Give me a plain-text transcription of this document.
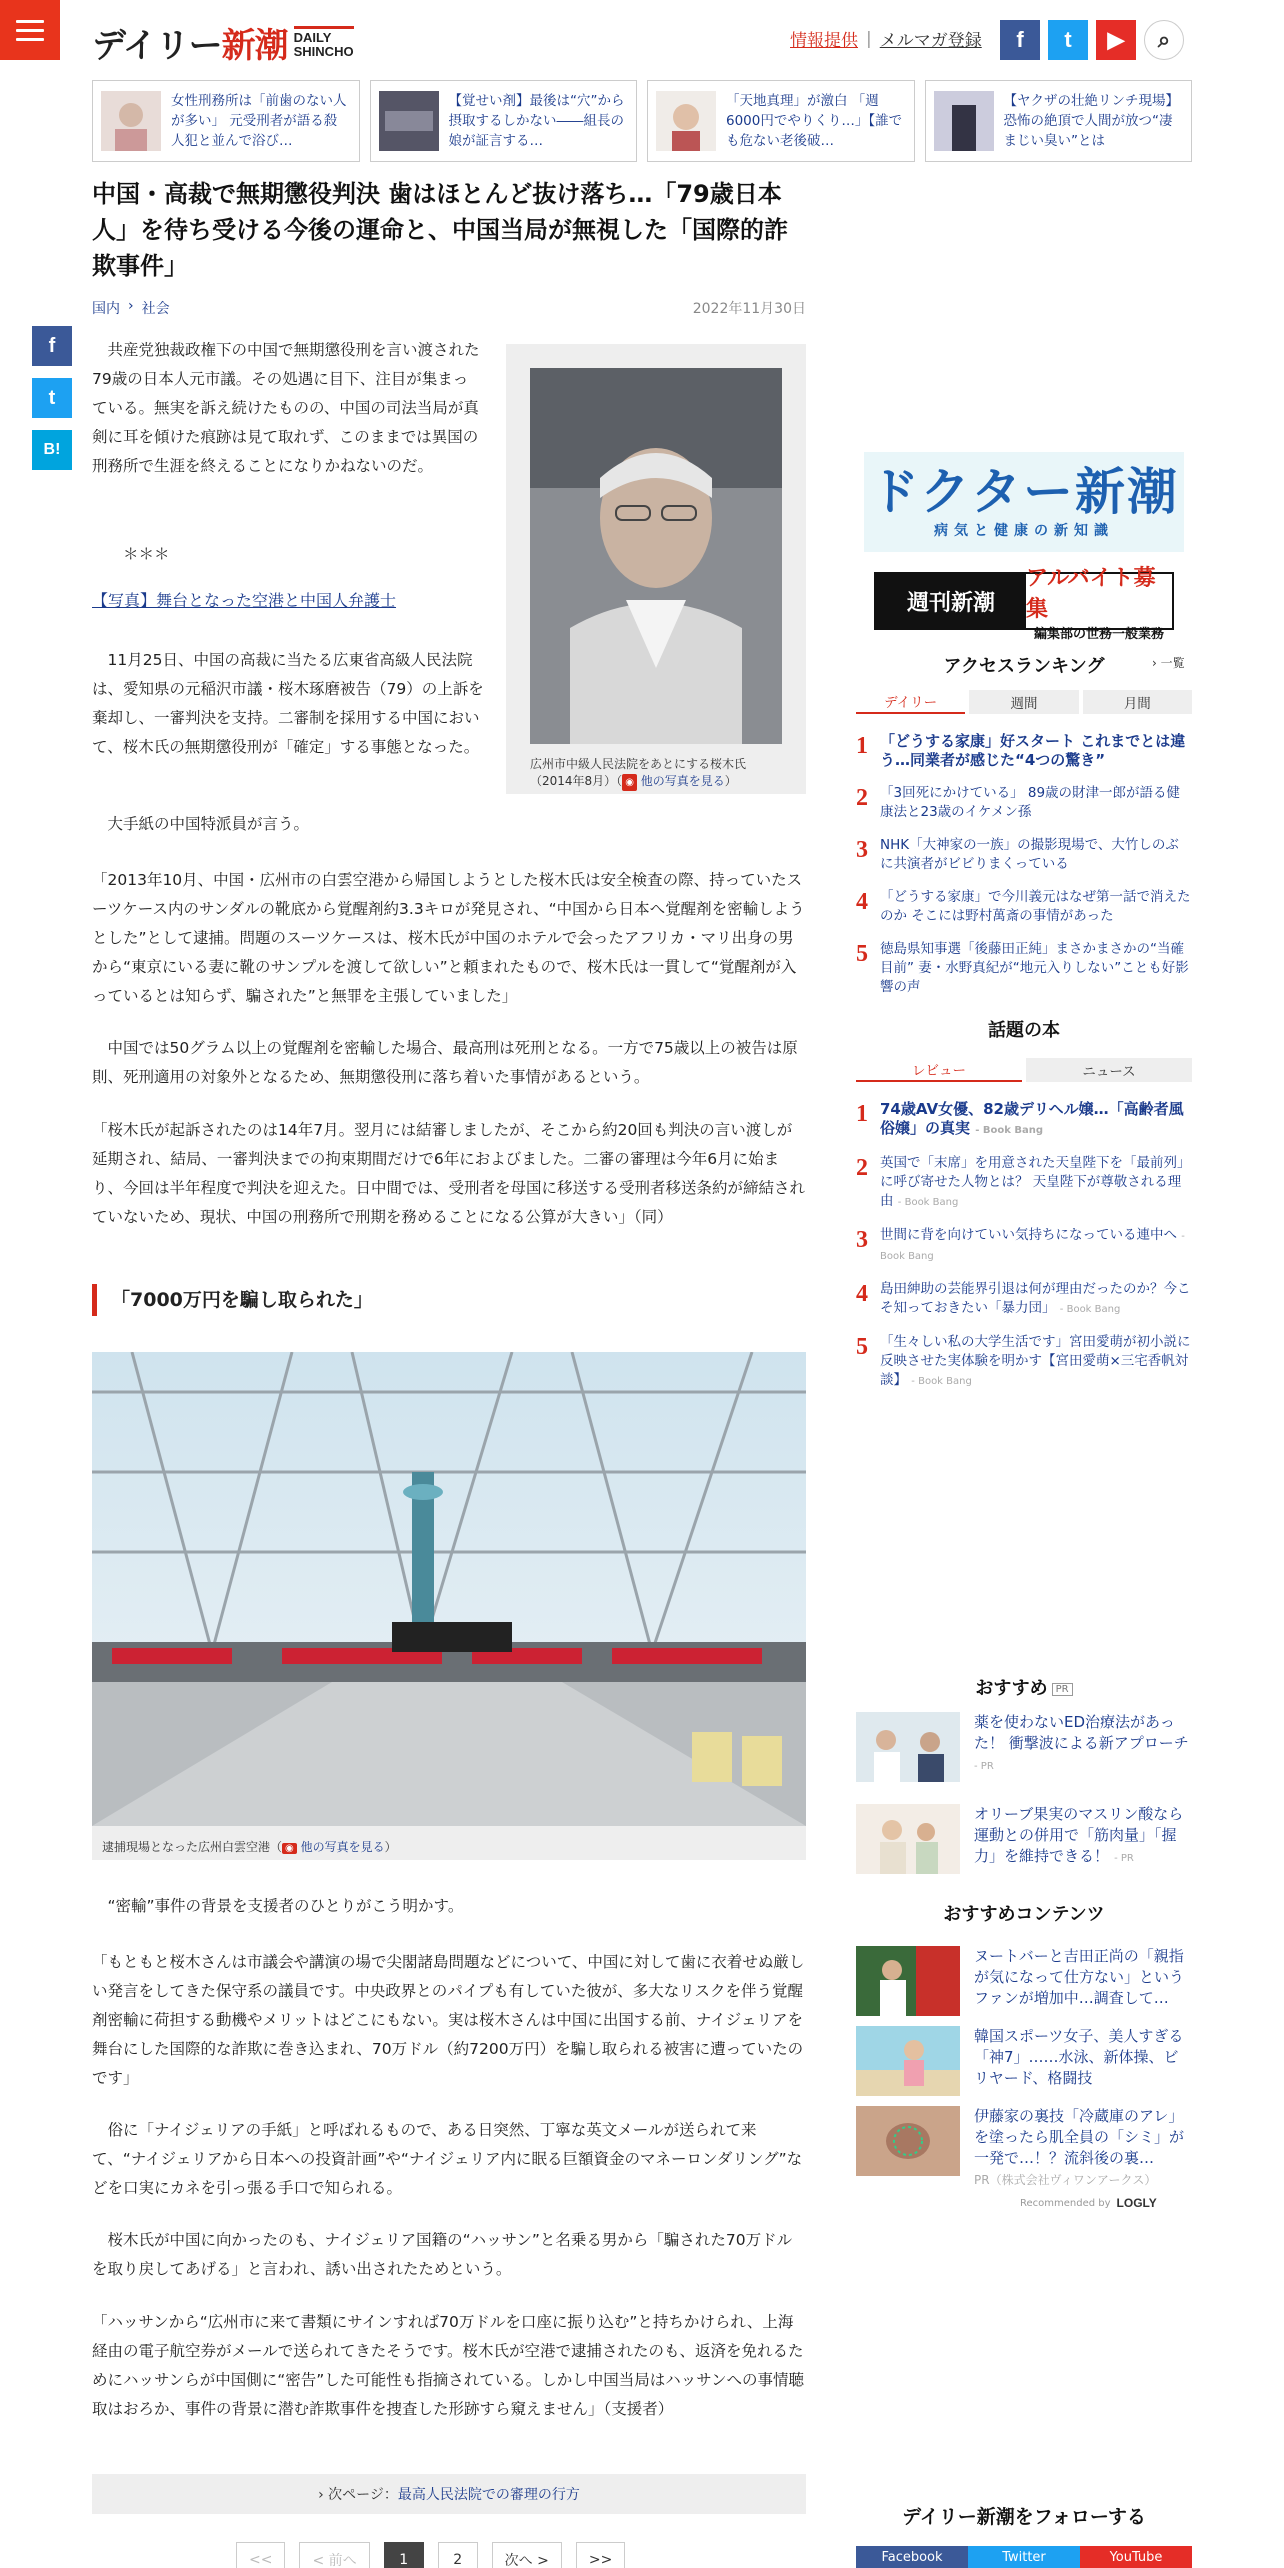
デイリー新潮 DAILY
SHINCHO	情報提供 | メルマガ登録	f	t	▶	⌕
女性刑務所は「前歯のない人が多い」 元受刑者が語る殺人犯と並んで浴び…
【覚せい剤】最後は“穴”から摂取するしかない――組長の娘が証言する…
「天地真理」が激白 「週6000円でやりくり…」【誰でも危ない老後破…
【ヤクザの壮絶リンチ現場】恐怖の絶頂で人間が放つ“凄まじい臭い”とは
f
t
B!
中国・高裁で無期懲役判決 歯はほとんど抜け落ち…「79歳日本人」を待ち受ける今後の運命と、中国当局が無視した「国際的詐欺事件」
国内 › 社会	2022年11月30日

共産党独裁政権下の中国で無期懲役刑を言い渡された79歳の日本人元市議。その処遇に目下、注目が集まっている。無実を訴え続けたものの、中国の司法当局が真剣に耳を傾けた痕跡は見て取れず、このままでは異国の刑務所で生涯を終えることになりかねないのだ。

広州市中級人民法院をあとにする桜木氏（2014年8月）（ ◉ 他の写真を見る）
＊＊＊
【写真】舞台となった空港と中国人弁護士

11月25日、中国の高裁に当たる広東省高級人民法院は、愛知県の元稲沢市議・桜木琢磨被告（79）の上訴を棄却し、一審判決を支持。二審制を採用する中国において、桜木氏の無期懲役刑が「確定」する事態となった。

大手紙の中国特派員が言う。

「2013年10月、中国・広州市の白雲空港から帰国しようとした桜木氏は安全検査の際、持っていたスーツケース内のサンダルの靴底から覚醒剤約3.3キロが発見され、“中国から日本へ覚醒剤を密輸しようとした”として逮捕。問題のスーツケースは、桜木氏が中国のホテルで会ったアフリカ・マリ出身の男から“東京にいる妻に靴のサンプルを渡して欲しい”と頼まれたもので、桜木氏は一貫して“覚醒剤が入っているとは知らず、騙された”と無罪を主張していました」

中国では50グラム以上の覚醒剤を密輸した場合、最高刑は死刑となる。一方で75歳以上の被告は原則、死刑適用の対象外となるため、無期懲役刑に落ち着いた事情があるという。

「桜木氏が起訴されたのは14年7月。翌月には結審しましたが、そこから約20回も判決の言い渡しが延期され、結局、一審判決までの拘束期間だけで6年におよびました。二審の審理は今年6月に始まり、今回は半年程度で判決を迎えた。日中間では、受刑者を母国に移送する受刑者移送条約が締結されていないため、現状、中国の刑務所で刑期を務めることになる公算が大きい」（同）

「7000万円を騙し取られた」
逮捕現場となった広州白雲空港（ ◉ 他の写真を見る）

“密輸”事件の背景を支援者のひとりがこう明かす。

「もともと桜木さんは市議会や講演の場で尖閣諸島問題などについて、中国に対して歯に衣着せぬ厳しい発言をしてきた保守系の議員です。中央政界とのパイプも有していた彼が、多大なリスクを伴う覚醒剤密輸に荷担する動機やメリットはどこにもない。実は桜木さんは中国に出国する前、ナイジェリアを舞台にした国際的な詐欺に巻き込まれ、70万ドル（約7200万円）を騙し取られる被害に遭っていたのです」

俗に「ナイジェリアの手紙」と呼ばれるもので、ある日突然、丁寧な英文メールが送られて来て、“ナイジェリアから日本への投資計画”や“ナイジェリア内に眠る巨額資金のマネーロンダリング”などを口実にカネを引っ張る手口で知られる。

桜木氏が中国に向かったのも、ナイジェリア国籍の“ハッサン”と名乗る男から「騙された70万ドルを取り戻してあげる」と言われ、誘い出されたためという。

「ハッサンから“広州市に来て書類にサインすれば70万ドルを口座に振り込む”と持ちかけられ、上海経由の電子航空券がメールで送られてきたそうです。桜木氏が空港で逮捕されたのも、返済を免れるためにハッサンらが中国側に“密告”した可能性も指摘されている。しかし中国当局はハッサンへの事情聴取はおろか、事件の背景に潜む詐欺事件を捜査した形跡すら窺えません」（支援者）

› 次ページ： 最高人民法院での審理の行方
<<	< 前へ	1	2	次へ >	>>
ドクター新潮
病気と健康の新知識
週刊新潮
アルバイト募集
編集部の世務一般業務
アクセスランキング	› 一覧
デイリー	週間	月間
1 「どうする家康」好スタート これまでとは違う…同業者が感じた“4つの驚き”
2 「3回死にかけている」 89歳の財津一郎が語る健康法と23歳のイケメン孫
3 NHK「大神家の一族」の撮影現場で、大竹しのぶに共演者がビビりまくっている
4 「どうする家康」で今川義元はなぜ第一話で消えたのか そこには野村萬斎の事情があった
5 徳島県知事選「後藤田正純」まさかまさかの“当確目前” 妻・水野真紀が“地元入りしない”ことも好影響の声
話題の本
レビュー	ニュース
1 74歳AV女優、82歳デリヘル嬢…「高齢者風俗嬢」の真実 - Book Bang
2 英国で「末席」を用意された天皇陛下を「最前列」に呼び寄せた人物とは？ 天皇陛下が尊敬される理由 - Book Bang
3 世間に背を向けていい気持ちになっている連中へ - Book Bang
4 島田紳助の芸能界引退は何が理由だったのか？今こそ知っておきたい「暴力団」 - Book Bang
5 「生々しい私の大学生活です」宮田愛萌が初小説に反映させた実体験を明かす【宮田愛萌×三宅香帆対談】 - Book Bang
おすすめ PR
薬を使わないED治療法があった！ 衝撃波による新アプローチ - PR
オリーブ果実のマスリン酸なら運動との併用で「筋肉量」「握力」を維持できる！ - PR
おすすめコンテンツ
ヌートバーと吉田正尚の「親指が気になって仕方ない」というファンが増加中…調査して…
韓国スポーツ女子、美人すぎる「神7」……水泳、新体操、ビリヤード、格闘技
伊藤家の裏技「冷蔵庫のアレ」を塗ったら肌全員の「シミ」が一発で…！？流斜後の裏…
PR（株式会社ヴィワンアークス）
Recommended by LOGLY
デイリー新潮をフォローする
Facebook	Twitter	YouTube
